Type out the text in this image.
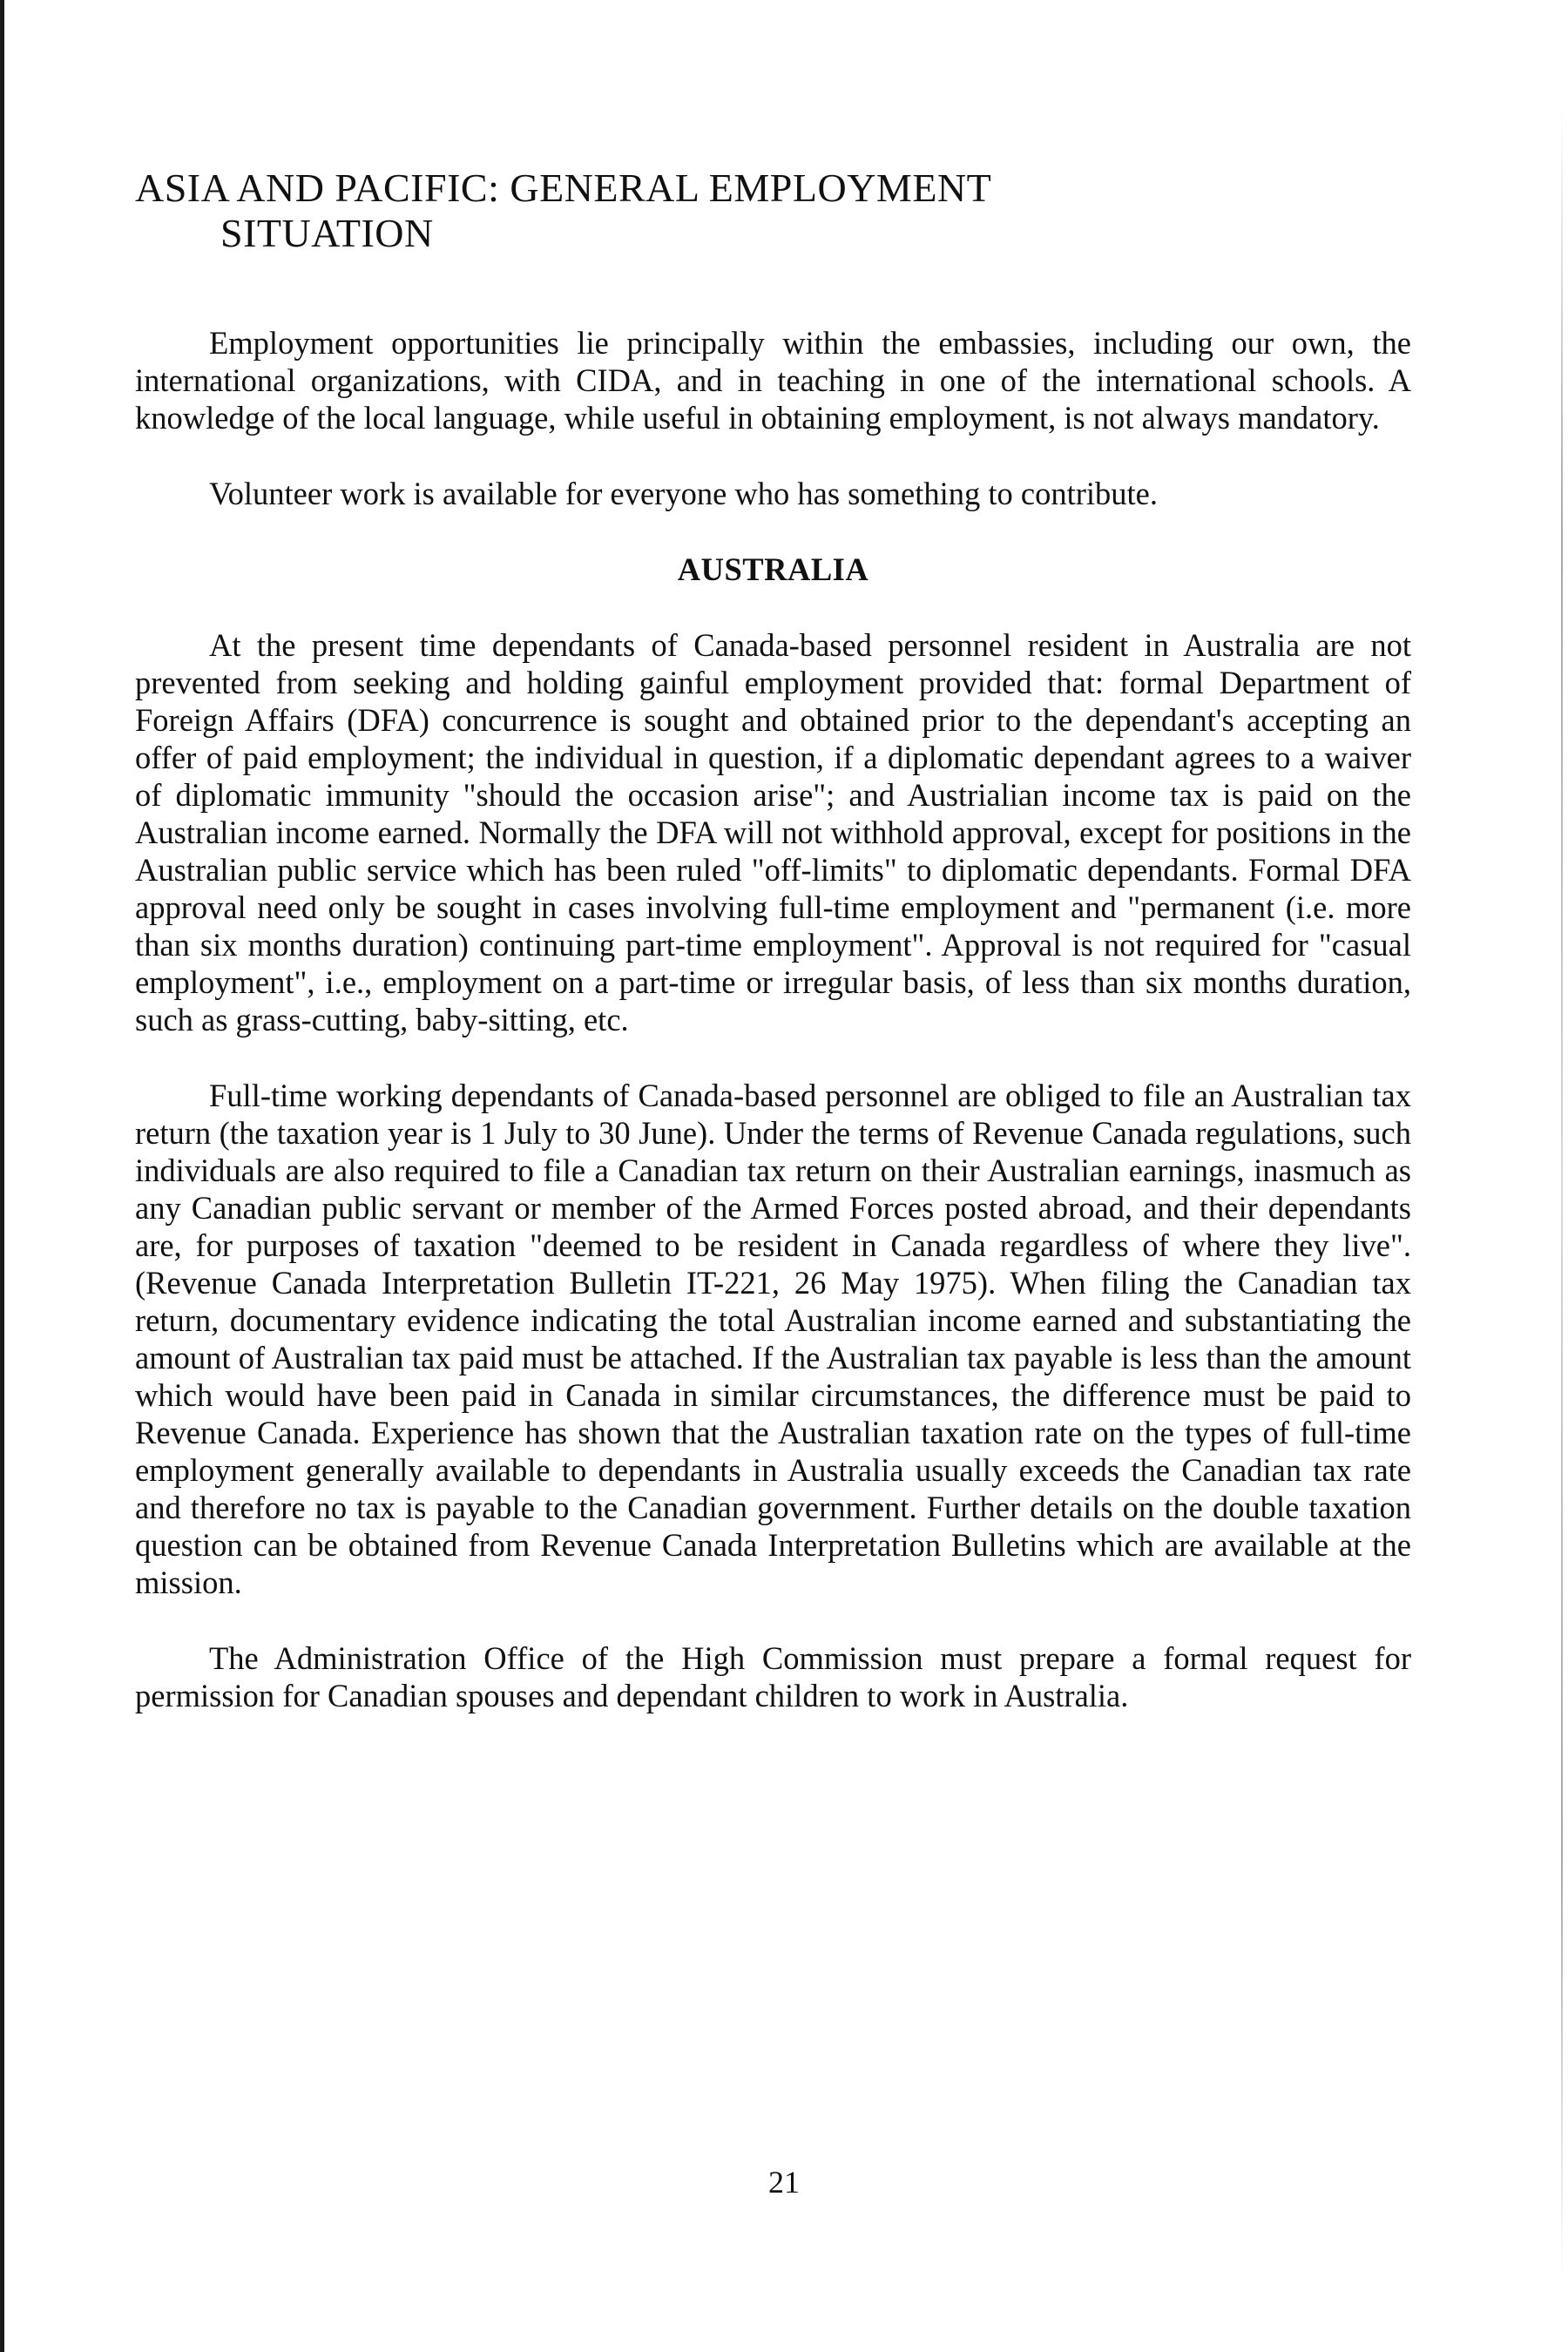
ASIA AND PACIFIC: GENERAL EMPLOYMENT
SITUATION

Employment opportunities lie principally within the embassies, including our own, the international organizations, with CIDA, and in teaching in one of the international schools. A knowledge of the local language, while useful in obtaining employment, is not always mandatory.

Volunteer work is available for everyone who has something to contribute.

AUSTRALIA

At the present time dependants of Canada-based personnel resident in Australia are not prevented from seeking and holding gainful employment provided that: formal Department of Foreign Affairs (DFA) concurrence is sought and obtained prior to the dependant's accepting an offer of paid employment; the individual in question, if a diplomatic dependant agrees to a waiver of diplomatic immunity "should the occasion arise"; and Austrialian income tax is paid on the Australian income earned. Normally the DFA will not withhold approval, except for positions in the Australian public service which has been ruled "off-limits" to diplomatic dependants. Formal DFA approval need only be sought in cases involving full-time employment and "permanent (i.e. more than six months duration) continuing part-time employment". Approval is not required for "casual employment", i.e., employment on a part-time or irregular basis, of less than six months duration, such as grass-cutting, baby-sitting, etc.

Full-time working dependants of Canada-based personnel are obliged to file an Australian tax return (the taxation year is 1 July to 30 June). Under the terms of Revenue Canada regulations, such individuals are also required to file a Canadian tax return on their Australian earnings, inasmuch as any Canadian public servant or member of the Armed Forces posted abroad, and their dependants are, for purposes of taxation "deemed to be resident in Canada regardless of where they live". (Revenue Canada Interpretation Bulletin IT-221, 26 May 1975). When filing the Canadian tax return, documentary evidence indicating the total Australian income earned and substantiating the amount of Australian tax paid must be attached. If the Australian tax payable is less than the amount which would have been paid in Canada in similar circumstances, the difference must be paid to Revenue Canada. Experience has shown that the Australian taxation rate on the types of full-time employment generally available to dependants in Australia usually exceeds the Canadian tax rate and therefore no tax is payable to the Canadian government. Further details on the double taxation question can be obtained from Revenue Canada Interpretation Bulletins which are available at the mission.

The Administration Office of the High Commission must prepare a formal request for permission for Canadian spouses and dependant children to work in Australia.

21
